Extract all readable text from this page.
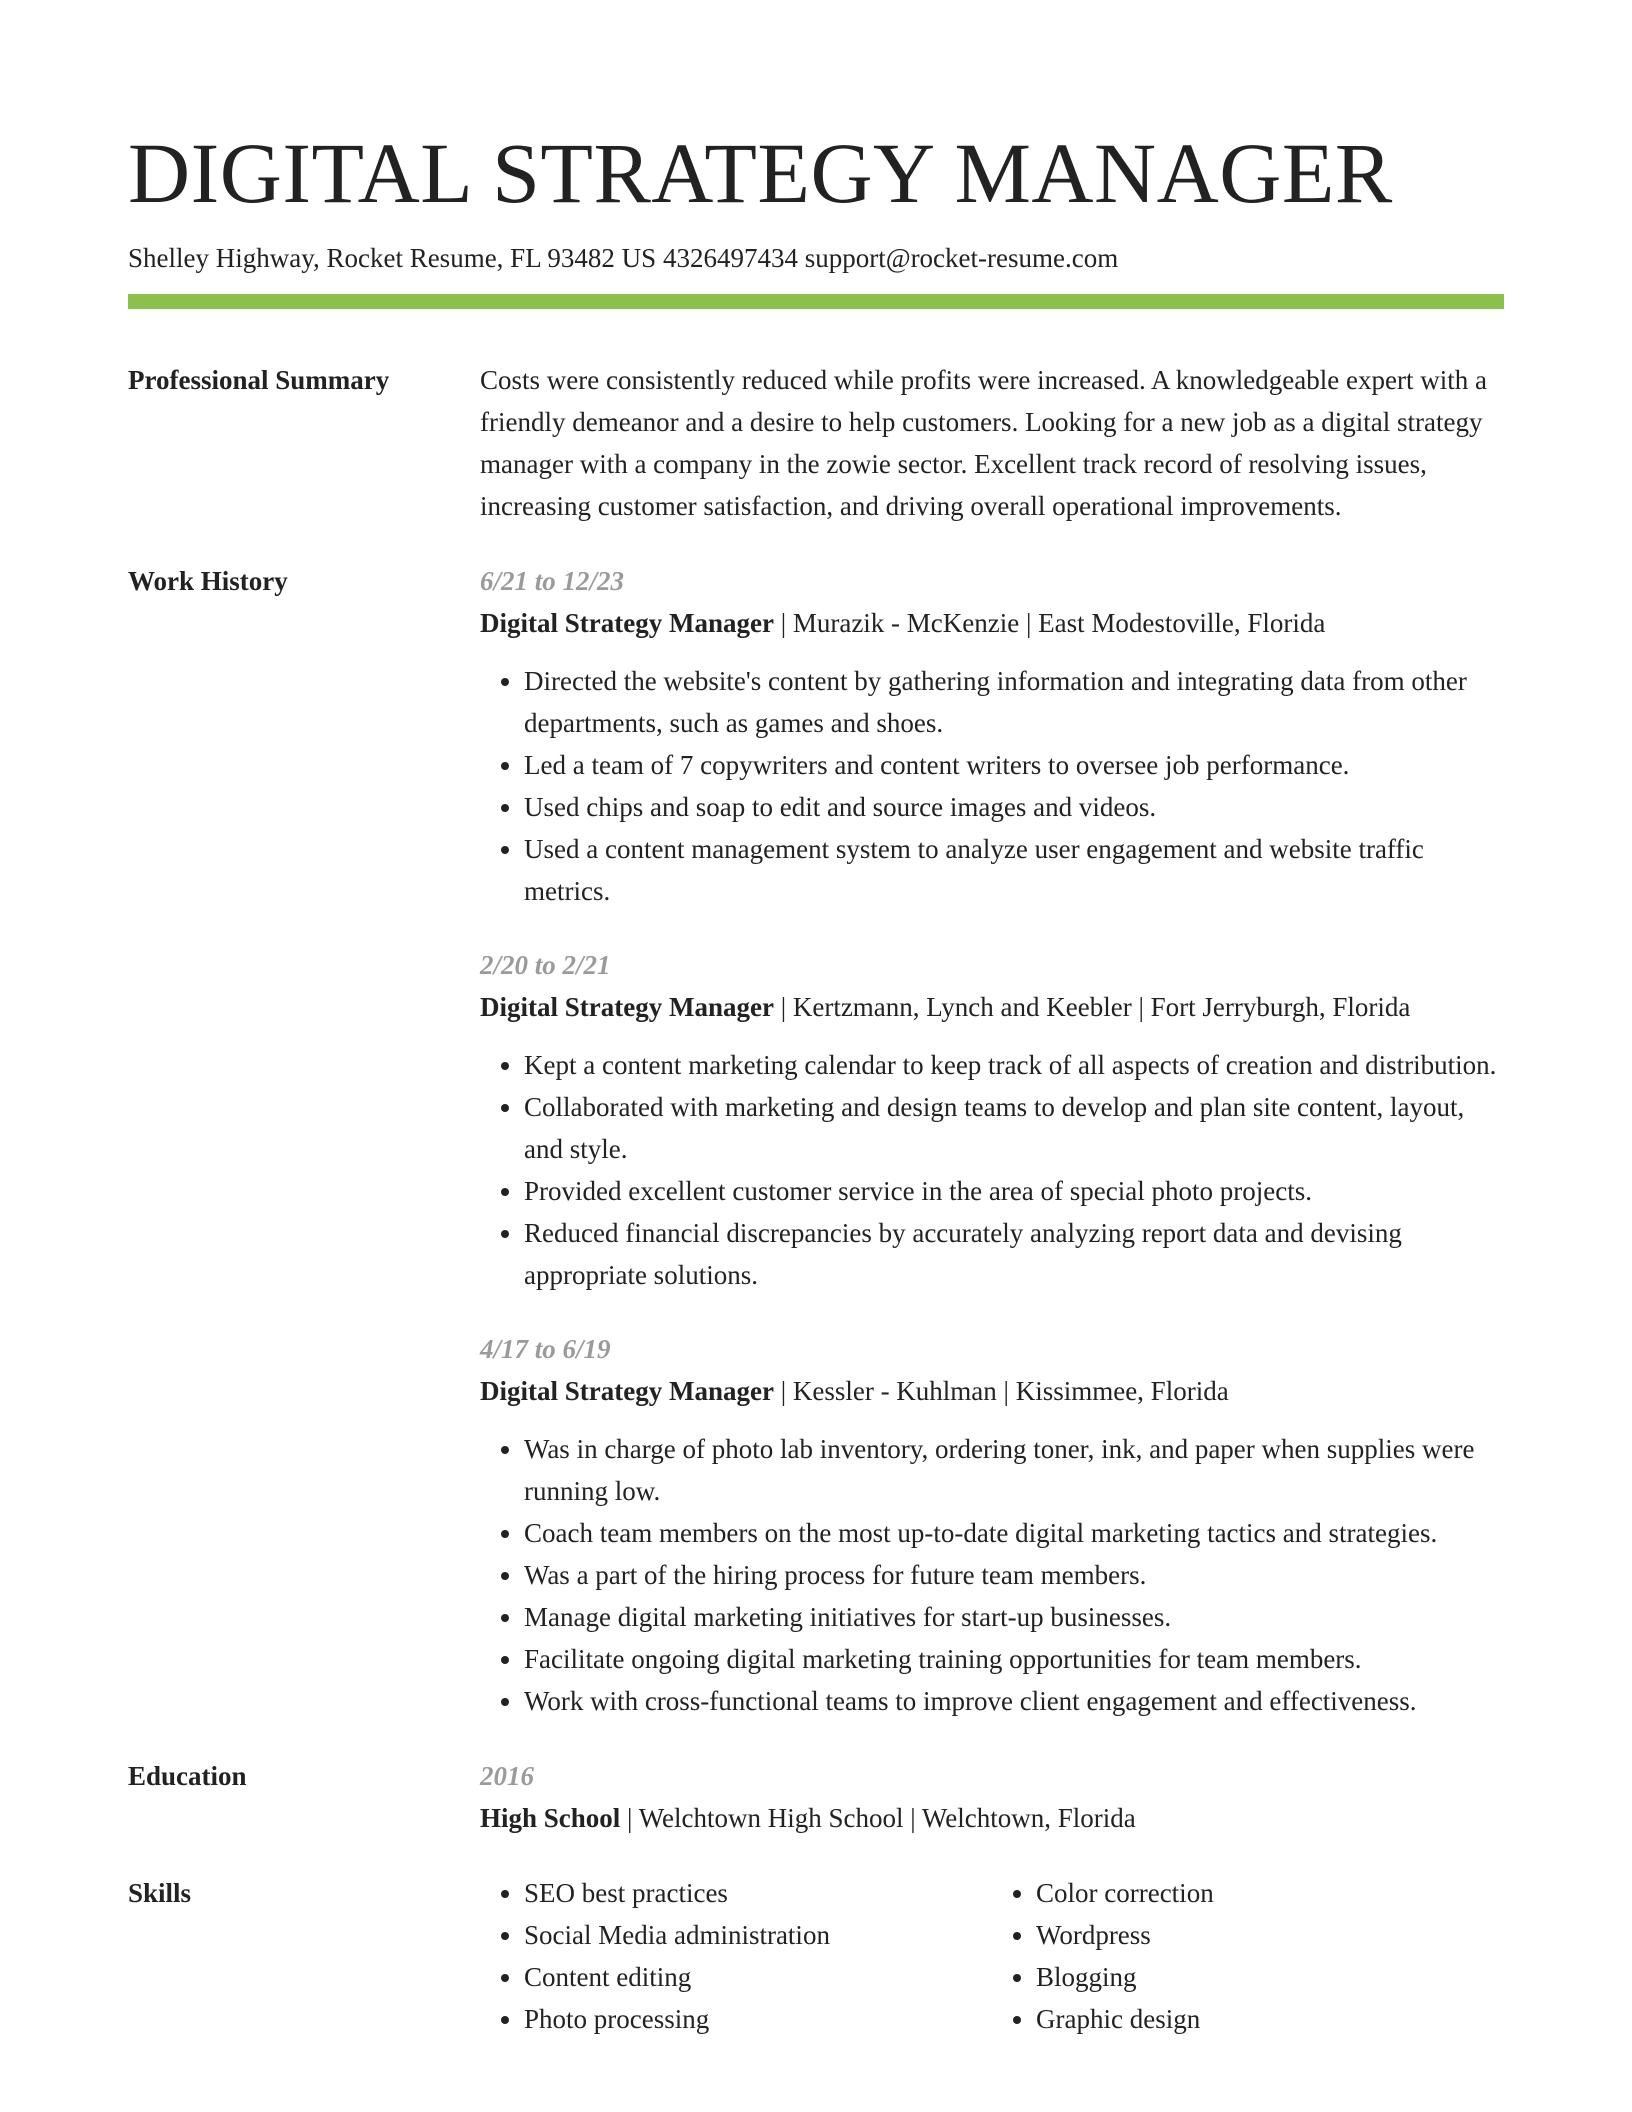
DIGITAL STRATEGY MANAGER
Shelley Highway, Rocket Resume, FL 93482 US 4326497434 support@rocket-resume.com
Professional Summary	Costs were consistently reduced while profits were increased. A knowledgeable expert with a friendly demeanor and a desire to help customers. Looking for a new job as a digital strategy manager with a company in the zowie sector. Excellent track record of resolving issues, increasing customer satisfaction, and driving overall operational improvements.

Work History	6/21 to 12/23
Digital Strategy Manager | Murazik - McKenzie | East Modestoville, Florida
• Directed the website's content by gathering information and integrating data from other departments, such as games and shoes.
• Led a team of 7 copywriters and content writers to oversee job performance.
• Used chips and soap to edit and source images and videos.
• Used a content management system to analyze user engagement and website traffic metrics.
2/20 to 2/21
Digital Strategy Manager | Kertzmann, Lynch and Keebler | Fort Jerryburgh, Florida
• Kept a content marketing calendar to keep track of all aspects of creation and distribution.
• Collaborated with marketing and design teams to develop and plan site content, layout, and style.
• Provided excellent customer service in the area of special photo projects.
• Reduced financial discrepancies by accurately analyzing report data and devising appropriate solutions.
4/17 to 6/19
Digital Strategy Manager | Kessler - Kuhlman | Kissimmee, Florida
• Was in charge of photo lab inventory, ordering toner, ink, and paper when supplies were running low.
• Coach team members on the most up-to-date digital marketing tactics and strategies.
• Was a part of the hiring process for future team members.
• Manage digital marketing initiatives for start-up businesses.
• Facilitate ongoing digital marketing training opportunities for team members.
• Work with cross-functional teams to improve client engagement and effectiveness.
Education	2016
High School | Welchtown High School | Welchtown, Florida
Skills
•	SEO best practices
• Social Media administration
• Content editing
• Photo processing
• Color correction
• Wordpress
• Blogging
• Graphic design
